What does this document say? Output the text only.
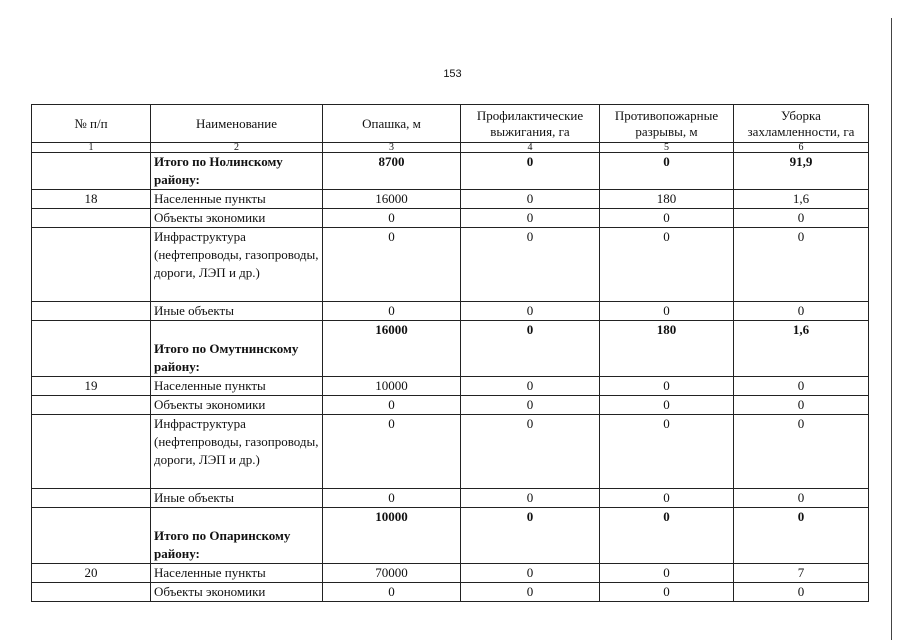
153
№ п/п	Наименование	Опашка, м	Профилактические выжигания, га	Противопожарные разрывы, м	Уборка захламленности, га
1	2	3	4	5	6
	Итого по Нолинскому району:	8700	0	0	91,9
18	Населенные пункты	16000	0	180	1,6
	Объекты экономики	0	0	0	0
	Инфраструктура (нефтепроводы, газопроводы, дороги, ЛЭП и др.)	0	0	0	0
	Иные объекты	0	0	0	0
	Итого по Омутнинскому району:	16000	0	180	1,6
19	Населенные пункты	10000	0	0	0
	Объекты экономики	0	0	0	0
	Инфраструктура (нефтепроводы, газопроводы, дороги, ЛЭП и др.)	0	0	0	0
	Иные объекты	0	0	0	0
	Итого по Опаринскому району:	10000	0	0	0
20	Населенные пункты	70000	0	0	7
	Объекты экономики	0	0	0	0
